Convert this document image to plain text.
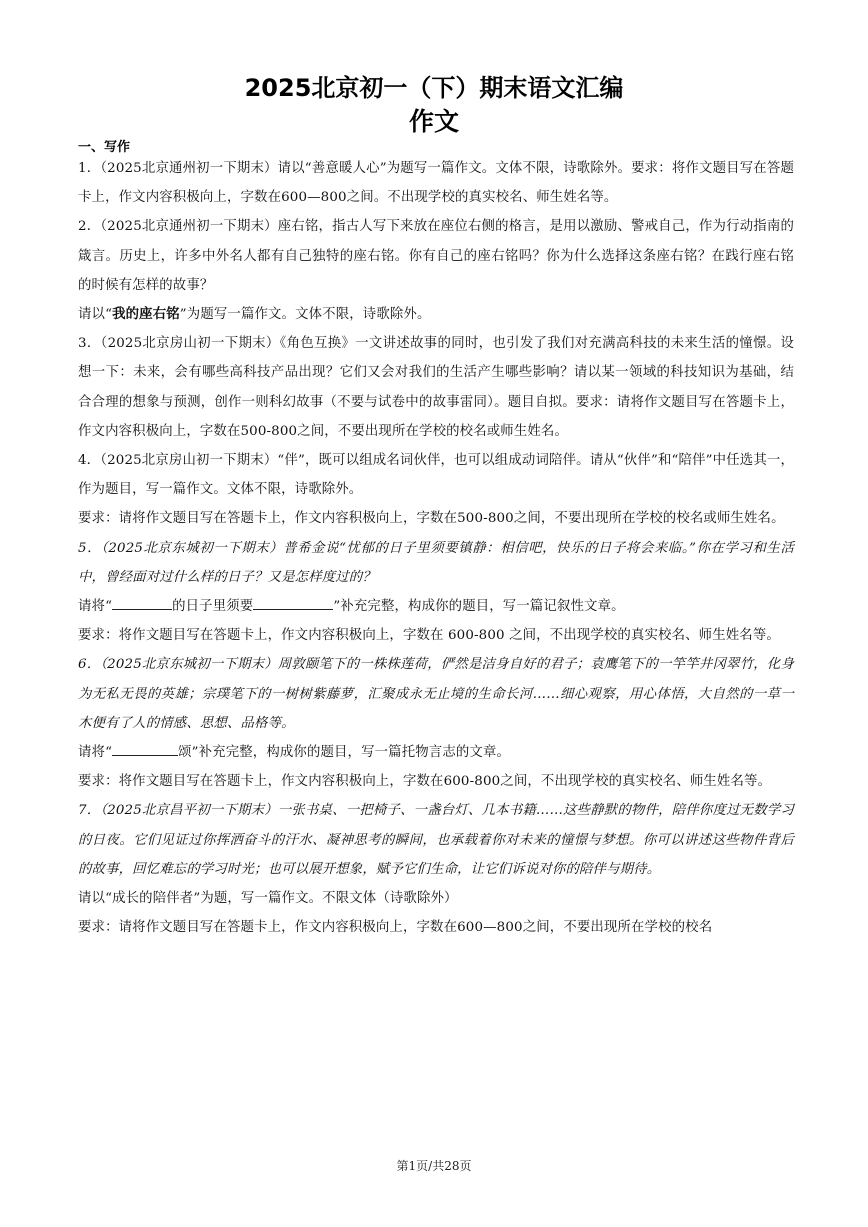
2025北京初一（下）期末语文汇编
作文
一、写作

1．（2025北京通州初一下期末）请以“善意暖人心”为题写一篇作文。文体不限，诗歌除外。要求：将作文题目写在答题卡上，作文内容积极向上，字数在600—800之间。不出现学校的真实校名、师生姓名等。

2．（2025北京通州初一下期末）座右铭，指古人写下来放在座位右侧的格言，是用以激励、警戒自己，作为行动指南的箴言。历史上，许多中外名人都有自己独特的座右铭。你有自己的座右铭吗？你为什么选择这条座右铭？在践行座右铭的时候有怎样的故事？

请以“我的座右铭”为题写一篇作文。文体不限，诗歌除外。

3．（2025北京房山初一下期末）《角色互换》一文讲述故事的同时，也引发了我们对充满高科技的未来生活的憧憬。设想一下：未来，会有哪些高科技产品出现？它们又会对我们的生活产生哪些影响？请以某一领域的科技知识为基础，结合合理的想象与预测，创作一则科幻故事（不要与试卷中的故事雷同）。题目自拟。要求：请将作文题目写在答题卡上，作文内容积极向上，字数在500-800之间，不要出现所在学校的校名或师生姓名。

4．（2025北京房山初一下期末）“伴”，既可以组成名词伙伴，也可以组成动词陪伴。请从“伙伴”和“陪伴”中任选其一，作为题目，写一篇作文。文体不限，诗歌除外。

要求：请将作文题目写在答题卡上，作文内容积极向上，字数在500-800之间，不要出现所在学校的校名或师生姓名。

5．（2025北京东城初一下期末）普希金说“忧郁的日子里须要镇静：相信吧，快乐的日子将会来临。”你在学习和生活中，曾经面对过什么样的日子？又是怎样度过的？

请将“	的日子里须要	”补充完整，构成你的题目，写一篇记叙性文章。

要求：将作文题目写在答题卡上，作文内容积极向上，字数在 600-800 之间，不出现学校的真实校名、师生姓名等。

6．（2025北京东城初一下期末）周敦颐笔下的一株株莲荷，俨然是洁身自好的君子；袁鹰笔下的一竿竿井冈翠竹，化身为无私无畏的英雄；宗璞笔下的一树树紫藤萝，汇聚成永无止境的生命长河……细心观察，用心体悟，大自然的一草一木便有了人的情感、思想、品格等。

请将“	颂”补充完整，构成你的题目，写一篇托物言志的文章。

要求：将作文题目写在答题卡上，作文内容积极向上，字数在600-800之间，不出现学校的真实校名、师生姓名等。

7．（2025北京昌平初一下期末）一张书桌、一把椅子、一盏台灯、几本书籍……这些静默的物件，陪伴你度过无数学习的日夜。它们见证过你挥洒奋斗的汗水、凝神思考的瞬间，也承载着你对未来的憧憬与梦想。你可以讲述这些物件背后的故事，回忆难忘的学习时光；也可以展开想象，赋予它们生命，让它们诉说对你的陪伴与期待。

请以“成长的陪伴者”为题，写一篇作文。不限文体（诗歌除外）

要求：请将作文题目写在答题卡上，作文内容积极向上，字数在600—800之间，不要出现所在学校的校名

第1页/共28页
